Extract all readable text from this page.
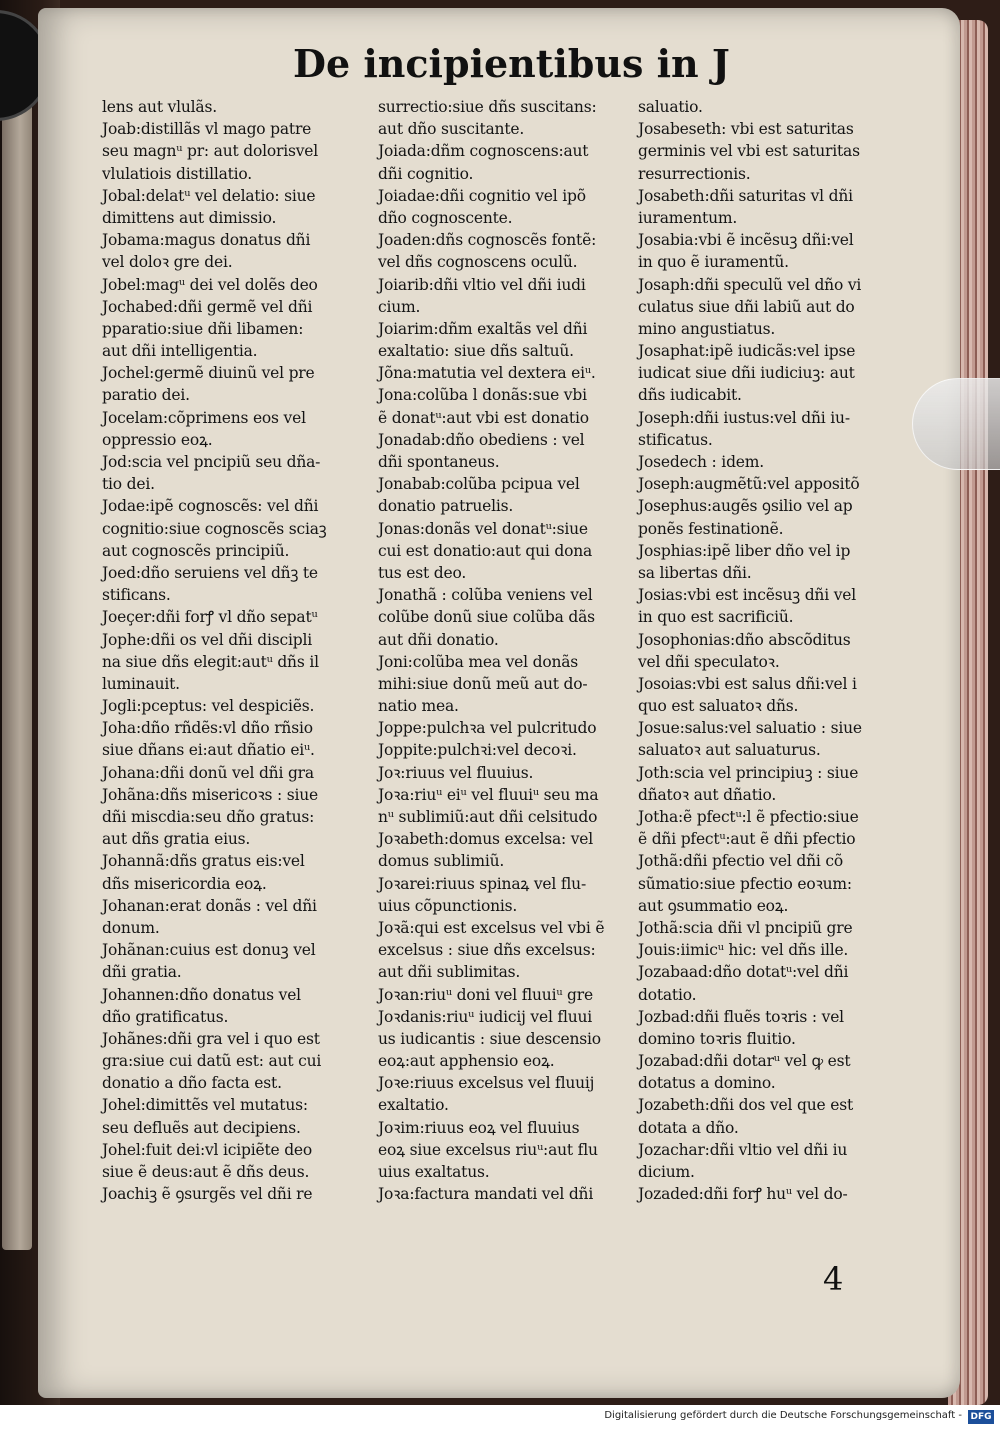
De incipientibus in J
lens aut vlulãs.
Joab:distillãs vl mago patre
seu magnᵘ pr: aut dolorisvel
vlulatiois distillatio.
Jobal:delatᵘ vel delatio: siue
dimittens aut dimissio.
Jobama:magus donatus dñi
vel doloꝛ gre dei.
Jobel:magᵘ dei vel dolẽs deo
Jochabed:dñi germẽ vel dñi
pparatio:siue dñi libamen:
aut dñi intelligentia.
Jochel:germẽ diuinũ vel pre
paratio dei.
Jocelam:cõprimens eos vel
oppressio eoꝝ.
Jod:scia vel pncipiũ seu dña-
tio dei.
Jodae:ipẽ cognoscẽs: vel dñi
cognitio:siue cognoscẽs sciaꝫ
aut cognoscẽs principiũ.
Joed:dño seruiens vel dñꝫ te
stificans.
Joeçer:dñi forꝭ vl dño sepatᵘ
Jophe:dñi os vel dñi discipli
na siue dñs elegit:autᵘ dñs il
luminauit.
Jogli:pceptus: vel despiciẽs.
Joha:dño rñdẽs:vl dño rñsio
siue dñans ei:aut dñatio eiᵘ.
Johana:dñi donũ vel dñi gra
Johãna:dñs misericoꝛs : siue
dñi miscdia:seu dño gratus:
aut dñs gratia eius.
Johannã:dñs gratus eis:vel
dñs misericordia eoꝝ.
Johanan:erat donãs : vel dñi
donum.
Johãnan:cuius est donuꝫ vel
dñi gratia.
Johannen:dño donatus vel
dño gratificatus.
Johãnes:dñi gra vel i quo est
gra:siue cui datũ est: aut cui
donatio a dño facta est.
Johel:dimittẽs vel mutatus:
seu defluẽs aut decipiens.
Johel:fuit dei:vl icipiẽte deo
siue ẽ deus:aut ẽ dñs deus.
Joachiꝫ ẽ ꝯsurgẽs vel dñi re
surrectio:siue dñs suscitans:
aut dño suscitante.
Joiada:dñm cognoscens:aut
dñi cognitio.
Joiadae:dñi cognitio vel ipõ
dño cognoscente.
Joaden:dñs cognoscẽs fontẽ:
vel dñs cognoscens oculũ.
Joiarib:dñi vltio vel dñi iudi
cium.
Joiarim:dñm exaltãs vel dñi
exaltatio: siue dñs saltuũ.
Jõna:matutia vel dextera eiᵘ.
Jona:colũba l donãs:sue vbi
ẽ donatᵘ:aut vbi est donatio
Jonadab:dño obediens : vel
dñi spontaneus.
Jonabab:colũba pcipua vel
donatio patruelis.
Jonas:donãs vel donatᵘ:siue
cui est donatio:aut qui dona
tus est deo.
Jonathã : colũba veniens vel
colũbe donũ siue colũba dãs
aut dñi donatio.
Joni:colũba mea vel donãs
mihi:siue donũ meũ aut do-
natio mea.
Joppe:pulchꝛa vel pulcritudo
Joppite:pulchꝛi:vel decoꝛi.
Joꝛ:riuus vel fluuius.
Joꝛa:riuᵘ eiᵘ vel fluuiᵘ seu ma
nᵘ sublimiũ:aut dñi celsitudo
Joꝛabeth:domus excelsa: vel
domus sublimiũ.
Joꝛarei:riuus spinaꝝ vel flu-
uius cõpunctionis.
Joꝛã:qui est excelsus vel vbi ẽ
excelsus : siue dñs excelsus:
aut dñi sublimitas.
Joꝛan:riuᵘ doni vel fluuiᵘ gre
Joꝛdanis:riuᵘ iudicij vel fluui
us iudicantis : siue descensio
eoꝝ:aut apphensio eoꝝ.
Joꝛe:riuus excelsus vel fluuij
exaltatio.
Joꝛim:riuus eoꝝ vel fluuius
eoꝝ siue excelsus riuᵘ:aut flu
uius exaltatus.
Joꝛa:factura mandati vel dñi
saluatio.
Josabeseth: vbi est saturitas
germinis vel vbi est saturitas
resurrectionis.
Josabeth:dñi saturitas vl dñi
iuramentum.
Josabia:vbi ẽ incẽsuꝫ dñi:vel
in quo ẽ iuramentũ.
Josaph:dñi speculũ vel dño vi
culatus siue dñi labiũ aut do
mino angustiatus.
Josaphat:ipẽ iudicãs:vel ipse
iudicat siue dñi iudiciuꝫ: aut
dñs iudicabit.
Joseph:dñi iustus:vel dñi iu-
stificatus.
Josedech : idem.
Joseph:augmẽtũ:vel appositõ
Josephus:augẽs ꝯsilio vel ap
ponẽs festinationẽ.
Josphias:ipẽ liber dño vel ip
sa libertas dñi.
Josias:vbi est incẽsuꝫ dñi vel
in quo est sacrificiũ.
Josophonias:dño abscõditus
vel dñi speculatoꝛ.
Josoias:vbi est salus dñi:vel i
quo est saluatoꝛ dñs.
Josue:salus:vel saluatio : siue
saluatoꝛ aut saluaturus.
Joth:scia vel principiuꝫ : siue
dñatoꝛ aut dñatio.
Jotha:ẽ pfectᵘ:l ẽ pfectio:siue
ẽ dñi pfectᵘ:aut ẽ dñi pfectio
Jothã:dñi pfectio vel dñi cõ
sũmatio:siue pfectio eoꝛum:
aut ꝯsummatio eoꝝ.
Jothã:scia dñi vl pncipiũ gre
Jouis:iimicᵘ hic: vel dñs ille.
Jozabaad:dño dotatᵘ:vel dñi
dotatio.
Jozbad:dñi fluẽs toꝛris : vel
domino toꝛris fluitio.
Jozabad:dñi dotarᵘ vel ꝙ est
dotatus a domino.
Jozabeth:dñi dos vel que est
dotata a dño.
Jozachar:dñi vltio vel dñi iu
dicium.
Jozaded:dñi forꝭ huᵘ vel do-
4
Digitalisierung gefördert durch die Deutsche Forschungsgemeinschaft - DFG
